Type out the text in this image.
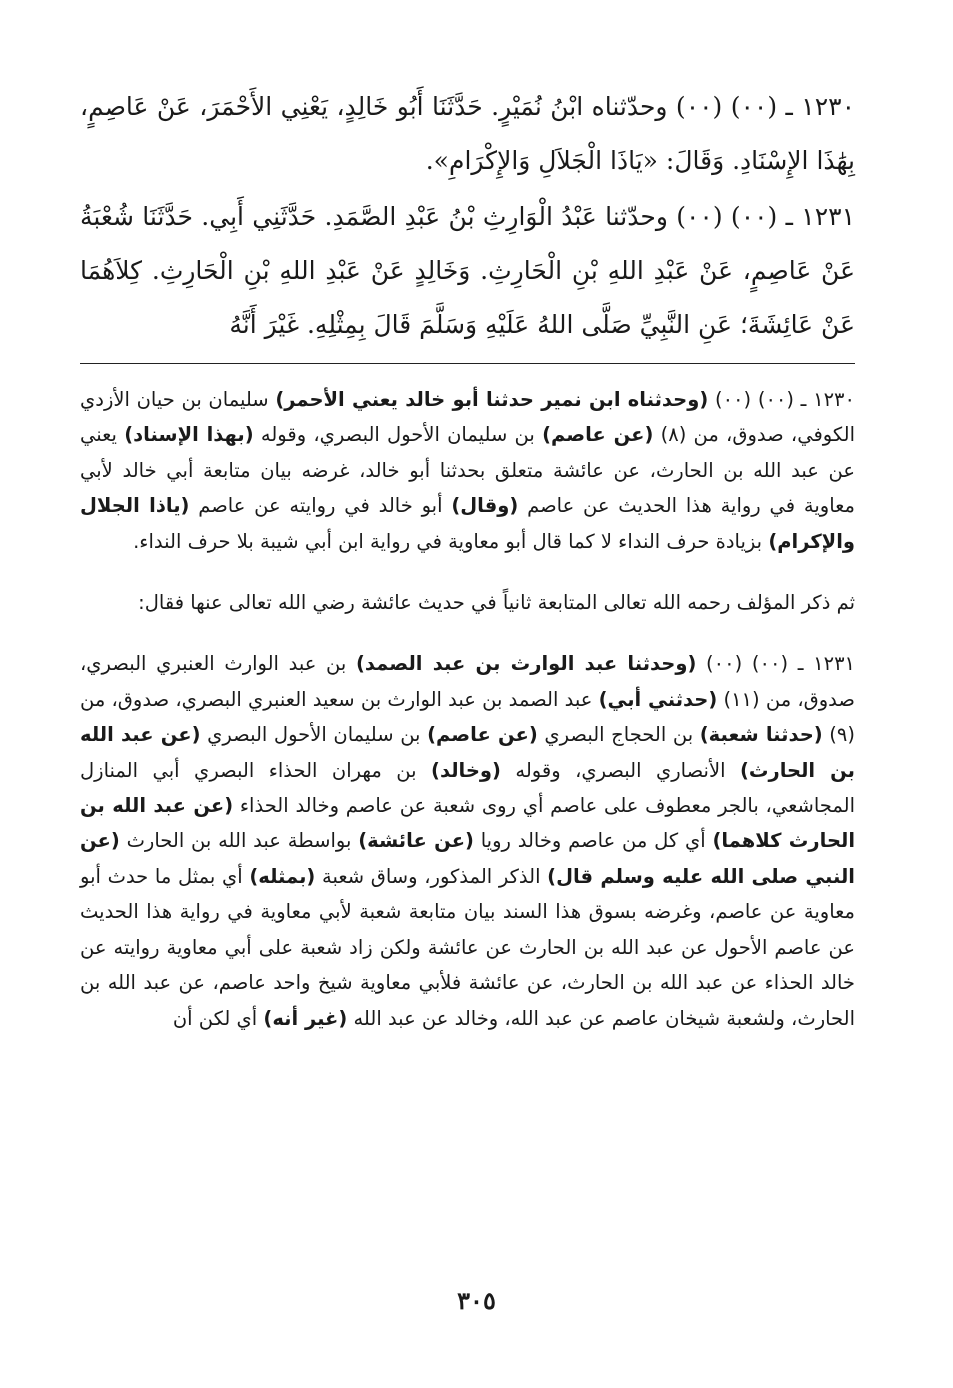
١٢٣٠ ـ (٠٠) (٠٠) وحدّثناه ابْنُ نُمَيْرٍ. حَدَّثَنَا أَبُو خَالِدٍ، يَعْنِي الأَحْمَرَ، عَنْ عَاصِمٍ، بِهَٰذَا الإِسْنَادِ. وَقَالَ: «يَاذَا الْجَلاَلِ وَالإِكْرَامِ».

١٢٣١ ـ (٠٠) (٠٠) وحدّثنا عَبْدُ الْوَارِثِ بْنُ عَبْدِ الصَّمَدِ. حَدَّثَنِي أَبِي. حَدَّثَنَا شُعْبَةُ عَنْ عَاصِمٍ، عَنْ عَبْدِ اللهِ بْنِ الْحَارِثِ. وَخَالِدٍ عَنْ عَبْدِ اللهِ بْنِ الْحَارِثِ. كِلاَهُمَا عَنْ عَائِشَةَ؛ عَنِ النَّبِيِّ صَلَّى اللهُ عَلَيْهِ وَسَلَّمَ قَالَ بِمِثْلِهِ. غَيْرَ أَنَّهُ

١٢٣٠ ـ (٠٠) (٠٠) (وحدثناه ابن نمير حدثنا أبو خالد يعني الأحمر) سليمان بن حيان الأزدي الكوفي، صدوق، من (٨) (عن عاصم) بن سليمان الأحول البصري، وقوله (بهذا الإسناد) يعني عن عبد الله بن الحارث، عن عائشة متعلق بحدثنا أبو خالد، غرضه بيان متابعة أبي خالد لأبي معاوية في رواية هذا الحديث عن عاصم (وقال) أبو خالد في روايته عن عاصم (ياذا الجلال والإكرام) بزيادة حرف النداء لا كما قال أبو معاوية في رواية ابن أبي شيبة بلا حرف النداء.

ثم ذكر المؤلف رحمه الله تعالى المتابعة ثانياً في حديث عائشة رضي الله تعالى عنها فقال:

١٢٣١ ـ (٠٠) (٠٠) (وحدثنا عبد الوارث بن عبد الصمد) بن عبد الوارث العنبري البصري، صدوق، من (١١) (حدثني أبي) عبد الصمد بن عبد الوارث بن سعيد العنبري البصري، صدوق، من (٩) (حدثنا شعبة) بن الحجاج البصري (عن عاصم) بن سليمان الأحول البصري (عن عبد الله بن الحارث) الأنصاري البصري، وقوله (وخالد) بن مهران الحذاء البصري أبي المنازل المجاشعي، بالجر معطوف على عاصم أي روى شعبة عن عاصم وخالد الحذاء (عن عبد الله بن الحارث كلاهما) أي كل من عاصم وخالد رويا (عن عائشة) بواسطة عبد الله بن الحارث (عن النبي صلى الله عليه وسلم قال) الذكر المذكور، وساق شعبة (بمثله) أي بمثل ما حدث أبو معاوية عن عاصم، وغرضه بسوق هذا السند بيان متابعة شعبة لأبي معاوية في رواية هذا الحديث عن عاصم الأحول عن عبد الله بن الحارث عن عائشة ولكن زاد شعبة على أبي معاوية روايته عن خالد الحذاء عن عبد الله بن الحارث، عن عائشة فلأبي معاوية شيخ واحد عاصم، عن عبد الله بن الحارث، ولشعبة شيخان عاصم عن عبد الله، وخالد عن عبد الله (غير أنه) أي لكن أن

٣٠٥
